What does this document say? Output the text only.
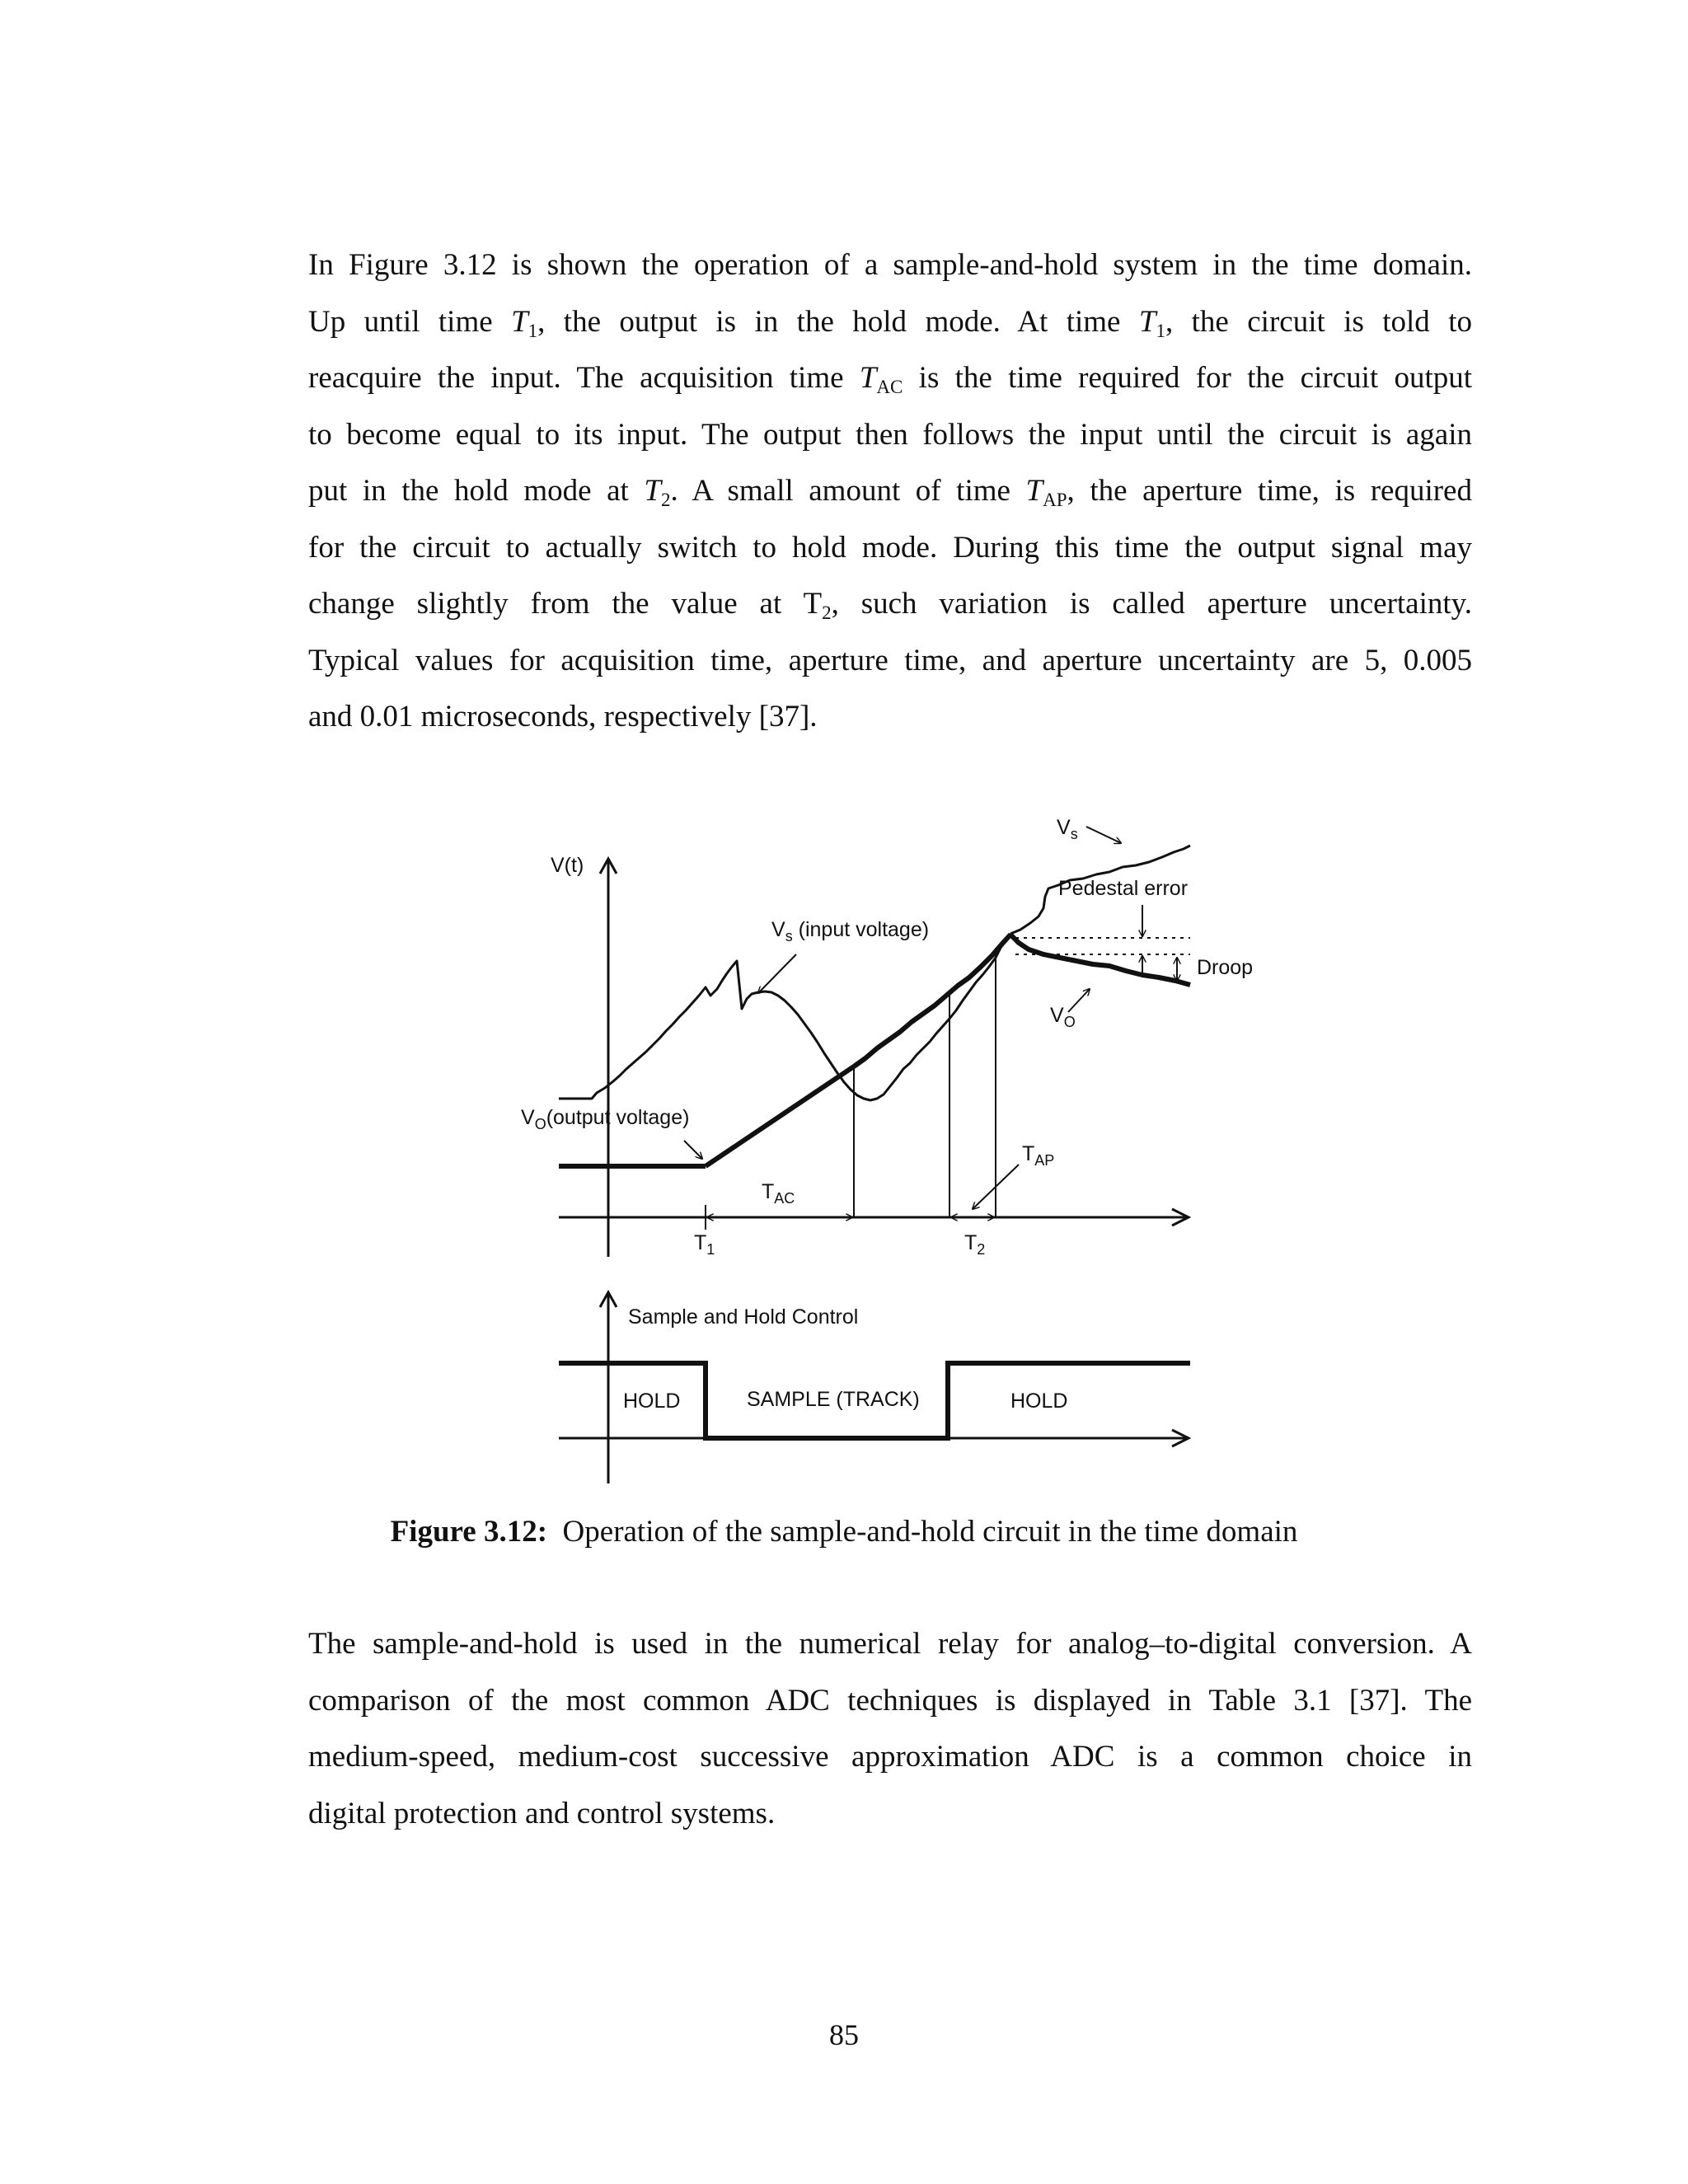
In Figure 3.12 is shown the operation of a sample-and-hold system in the time domain.
Up until time $T_1$, the output is in the hold mode. At time $T_1$, the circuit is told to
reacquire the input. The acquisition time $T_{AC}$ is the time required for the circuit output
to become equal to its input. The output then follows the input until the circuit is again
put in the hold mode at $T_2$. A small amount of time $T_{AP}$, the aperture time, is required
for the circuit to actually switch to hold mode. During this time the output signal may
change slightly from the value at $T_2$, such variation is called aperture uncertainty.
Typical values for acquisition time, aperture time, and aperture uncertainty are 5, 0.005
and 0.01 microseconds, respectively [37].
V(t)
$V_s$
$V_s$ (input voltage)
Pedestal error
Droop
$V_O$
$V_O(output$ voltage)
$T_{AP}$
$T_{AC}$
$T_1$	$T_2$
Sample and Hold Control
HOLD	SAMPLE (TRACK)	HOLD
Figure 3.12:  Operation of the sample-and-hold circuit in the time domain
The sample-and-hold is used in the numerical relay for analog–to-digital conversion. A
comparison of the most common ADC techniques is displayed in Table 3.1 [37]. The
medium-speed, medium-cost successive approximation ADC is a common choice in
digital protection and control systems.
85
